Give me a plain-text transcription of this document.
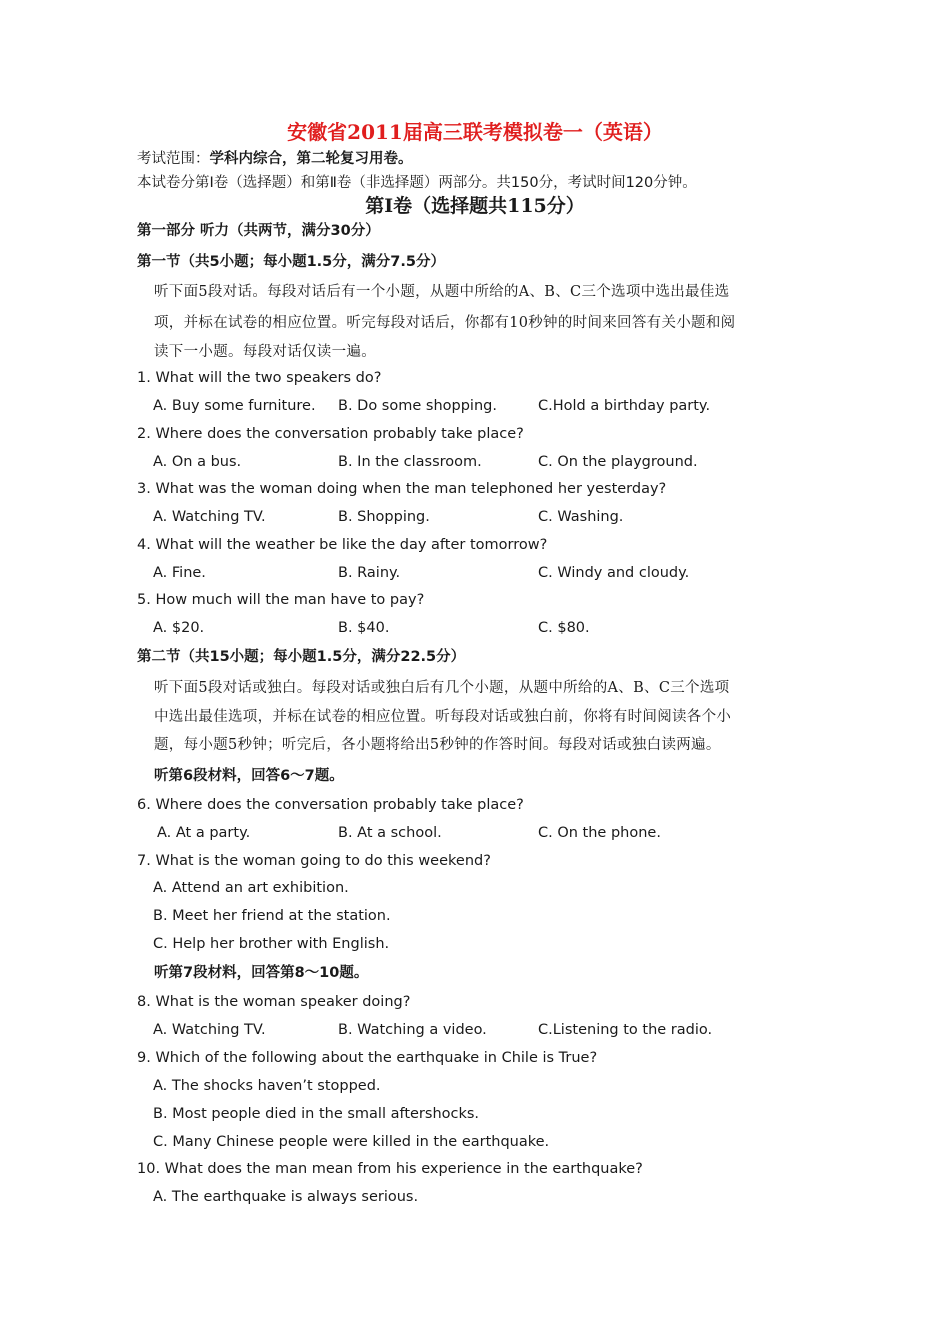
安徽省2011届高三联考模拟卷一（英语）
考试范围：学科内综合，第二轮复习用卷。
本试卷分第Ⅰ卷（选择题）和第Ⅱ卷（非选择题）两部分。共150分，考试时间120分钟。
第Ⅰ卷（选择题共115分）
第一部分 听力（共两节，满分30分）
第一节（共5小题；每小题1.5分，满分7.5分）
听下面5段对话。每段对话后有一个小题，从题中所给的A、B、C三个选项中选出最佳选
项，并标在试卷的相应位置。听完每段对话后，你都有10秒钟的时间来回答有关小题和阅
读下一小题。每段对话仅读一遍。
1. What will the two speakers do?
A. Buy some furniture. B. Do some shopping.	C.Hold a birthday party.
2. Where does the conversation probably take place?
A. On a bus.	B. In the classroom.	C. On the playground.
3. What was the woman doing when the man telephoned her yesterday?
A. Watching TV.	B. Shopping.	C. Washing.
4. What will the weather be like the day after tomorrow?
A. Fine.	B. Rainy.	C. Windy and cloudy.
5. How much will the man have to pay?
A. $20.	B. $40.	C. $80.
第二节（共15小题；每小题1.5分，满分22.5分）
听下面5段对话或独白。每段对话或独白后有几个小题，从题中所给的A、B、C三个选项
中选出最佳选项，并标在试卷的相应位置。听每段对话或独白前，你将有时间阅读各个小
题，每小题5秒钟；听完后，各小题将给出5秒钟的作答时间。每段对话或独白读两遍。
听第6段材料，回答6～7题。
6. Where does the conversation probably take place?
A. At a party.	B. At a school.	C. On the phone.
7. What is the woman going to do this weekend?
A. Attend an art exhibition.
B. Meet her friend at the station.
C. Help her brother with English.
听第7段材料，回答第8～10题。
8. What is the woman speaker doing?
A. Watching TV.	B. Watching a video.	C.Listening to the radio.
9. Which of the following about the earthquake in Chile is True?
A. The shocks haven’t stopped.
B. Most people died in the small aftershocks.
C. Many Chinese people were killed in the earthquake.
10. What does the man mean from his experience in the earthquake?
A. The earthquake is always serious.
